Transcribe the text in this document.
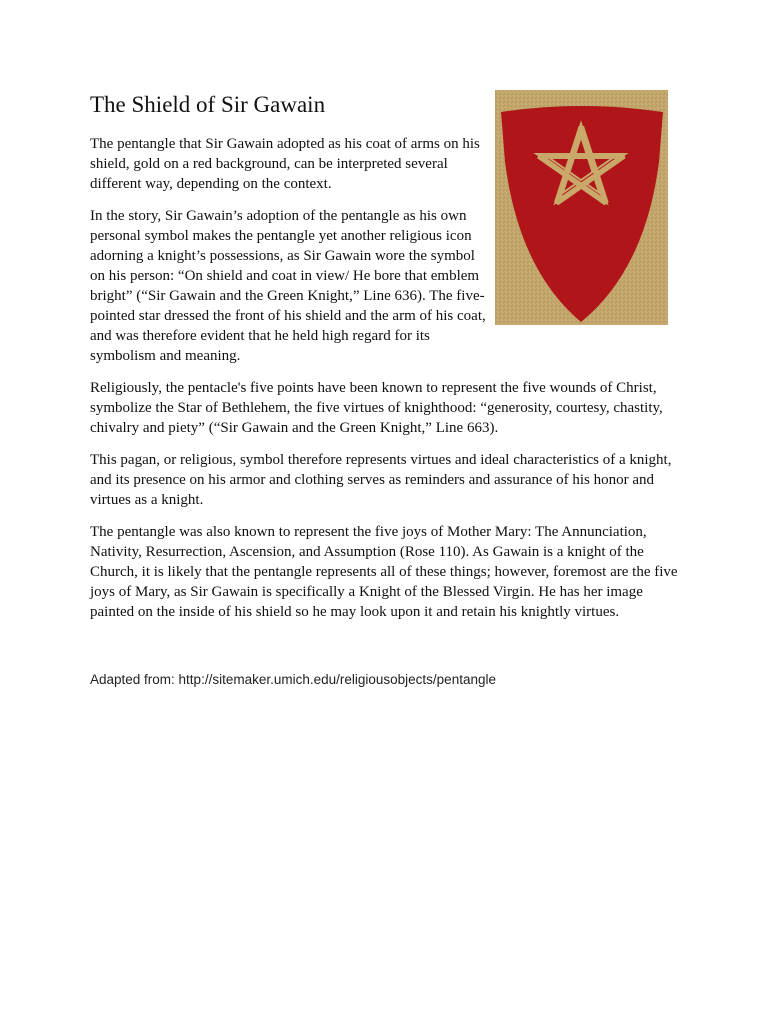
The Shield of Sir Gawain

The pentangle that Sir Gawain adopted as his coat of arms on his shield, gold on a red background, can be interpreted several different way, depending on the context.

In the story, Sir Gawain’s adoption of the pentangle as his own personal symbol makes the pentangle yet another religious icon adorning a knight’s possessions, as Sir Gawain wore the symbol on his person: “On shield and coat in view/ He bore that emblem bright” (“Sir Gawain and the Green Knight,” Line 636). The five-pointed star dressed the front of his shield and the arm of his coat, and was therefore evident that he held high regard for its symbolism and meaning.

Religiously, the pentacle's five points have been known to represent the five wounds of Christ, symbolize the Star of Bethlehem, the five virtues of knighthood: “generosity, courtesy, chastity, chivalry and piety” (“Sir Gawain and the Green Knight,” Line 663).

This pagan, or religious, symbol therefore represents virtues and ideal characteristics of a knight, and its presence on his armor and clothing serves as reminders and assurance of his honor and virtues as a knight.

The pentangle was also known to represent the five joys of Mother Mary: The Annunciation, Nativity, Resurrection, Ascension, and Assumption (Rose 110). As Gawain is a knight of the Church, it is likely that the pentangle represents all of these things; however, foremost are the five joys of Mary, as Sir Gawain is specifically a Knight of the Blessed Virgin. He has her image painted on the inside of his shield so he may look upon it and retain his knightly virtues.

Adapted from: http://sitemaker.umich.edu/religiousobjects/pentangle
